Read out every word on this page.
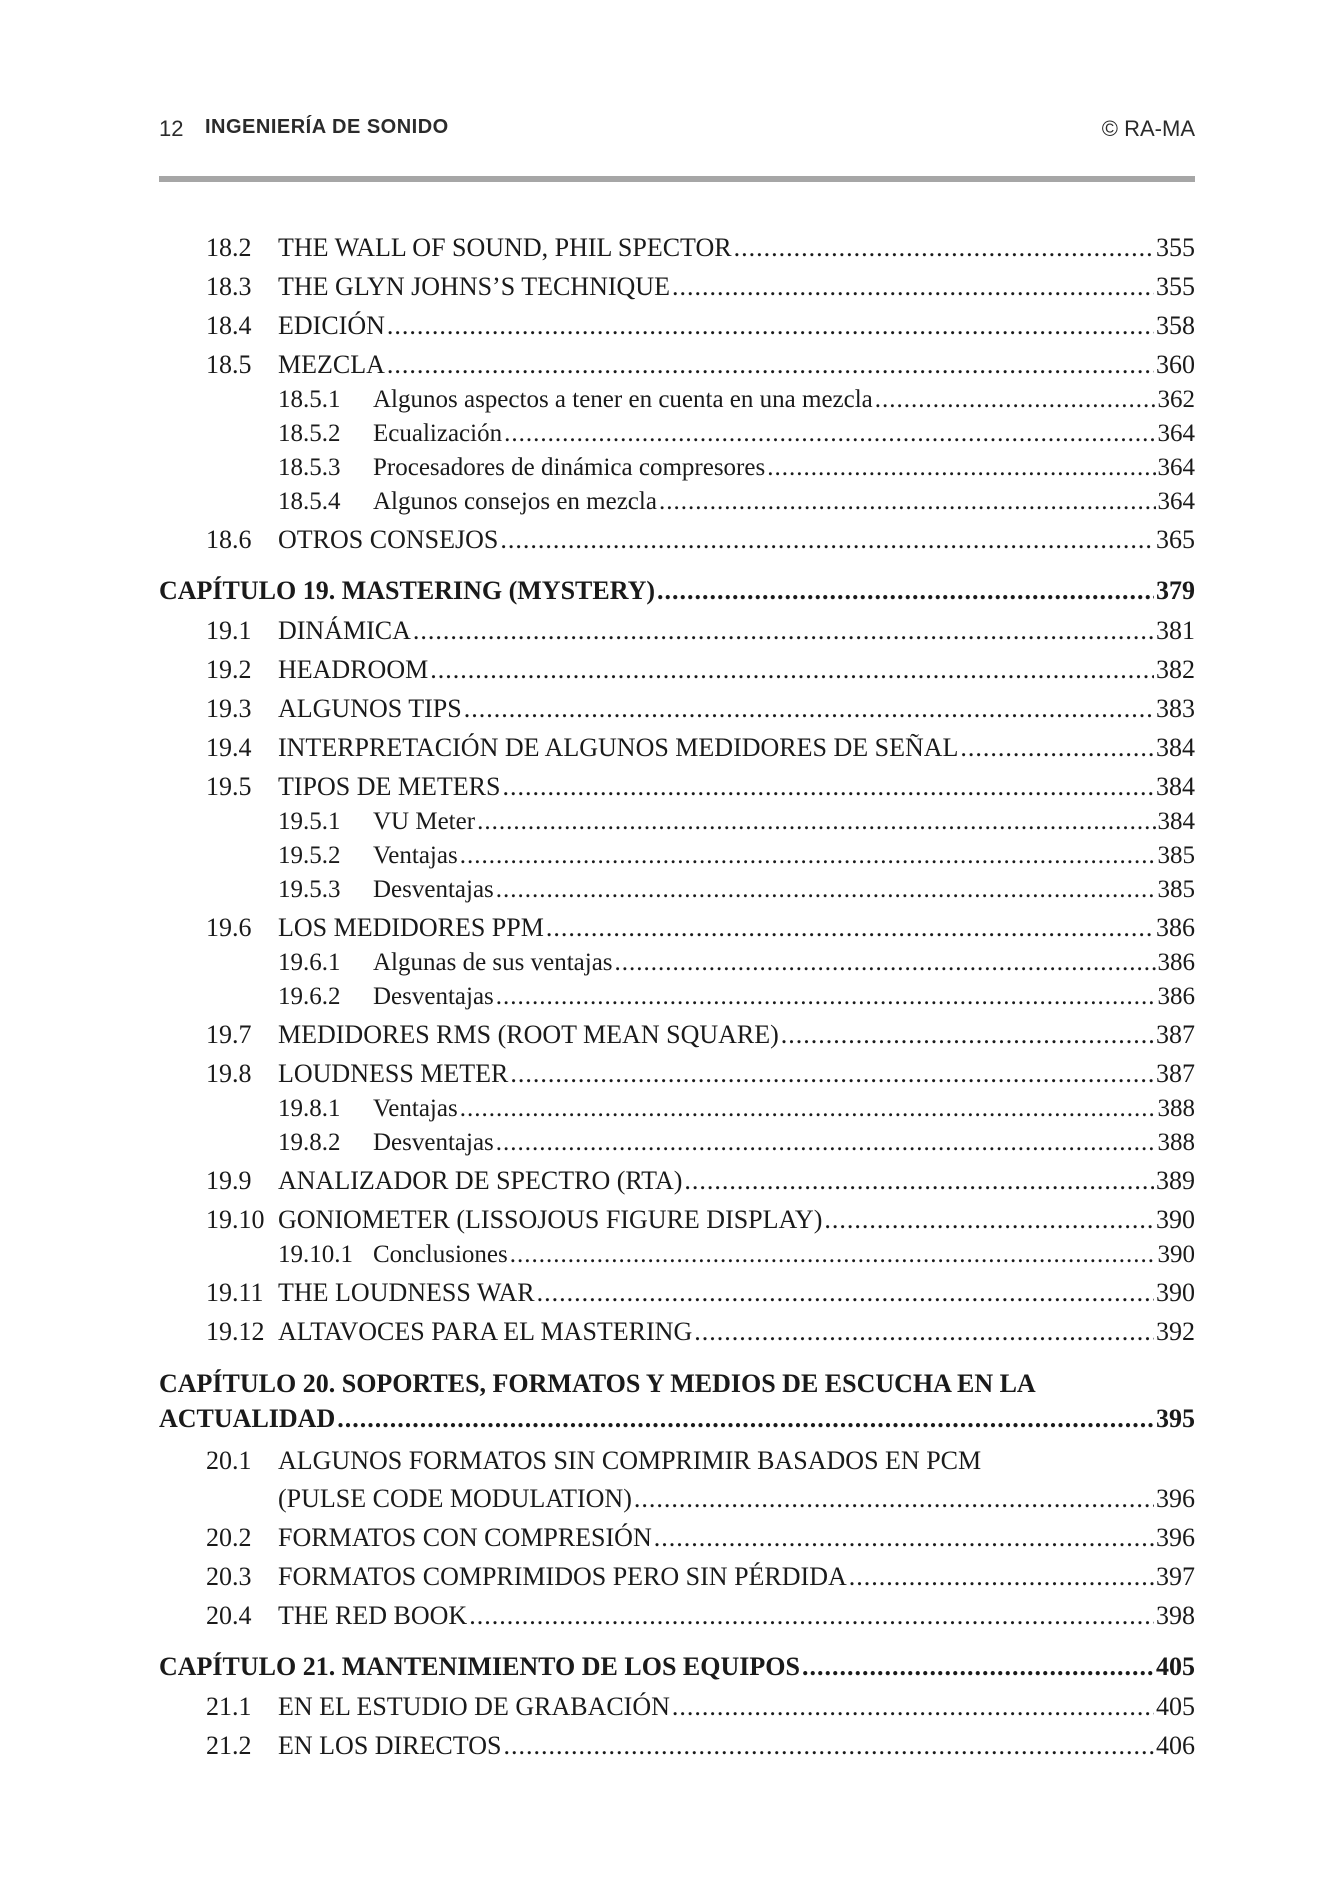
12 INGENIERÍA DE SONIDO	© RA-MA
18.2	THE WALL OF SOUND, PHIL SPECTOR .....	355
18.3	THE GLYN JOHNS’S TECHNIQUE .....	355
18.4	EDICIÓN .....	358
18.5	MEZCLA .....	360
18.5.1	Algunos aspectos a tener en cuenta en una mezcla .....	362
18.5.2	Ecualización .....	364
18.5.3	Procesadores de dinámica compresores .....	364
18.5.4	Algunos consejos en mezcla .....	364
18.6	OTROS CONSEJOS .....	365
CAPÍTULO 19. MASTERING (MYSTERY) .....	379
19.1	DINÁMICA .....	381
19.2	HEADROOM .....	382
19.3	ALGUNOS TIPS .....	383
19.4	INTERPRETACIÓN DE ALGUNOS MEDIDORES DE SEÑAL .....	384
19.5	TIPOS DE METERS .....	384
19.5.1	VU Meter .....	384
19.5.2	Ventajas .....	385
19.5.3	Desventajas .....	385
19.6	LOS MEDIDORES PPM .....	386
19.6.1	Algunas de sus ventajas .....	386
19.6.2	Desventajas .....	386
19.7	MEDIDORES RMS (ROOT MEAN SQUARE) .....	387
19.8	LOUDNESS METER .....	387
19.8.1	Ventajas .....	388
19.8.2	Desventajas .....	388
19.9	ANALIZADOR DE SPECTRO (RTA) .....	389
19.10 GONIOMETER (LISSOJOUS FIGURE DISPLAY) .....	390
19.10.1 Conclusiones .....	390
19.11 THE LOUDNESS WAR .....	390
19.12 ALTAVOCES PARA EL MASTERING .....	392
CAPÍTULO 20. SOPORTES, FORMATOS Y MEDIOS DE ESCUCHA EN LA
ACTUALIDAD .....	395
20.1	ALGUNOS FORMATOS SIN COMPRIMIR BASADOS EN PCM
(PULSE CODE MODULATION) .....	396
20.2	FORMATOS CON COMPRESIÓN .....	396
20.3	FORMATOS COMPRIMIDOS PERO SIN PÉRDIDA .....	397
20.4	THE RED BOOK .....	398
CAPÍTULO 21. MANTENIMIENTO DE LOS EQUIPOS .....	405
21.1	EN EL ESTUDIO DE GRABACIÓN .....	405
21.2	EN LOS DIRECTOS .....	406
